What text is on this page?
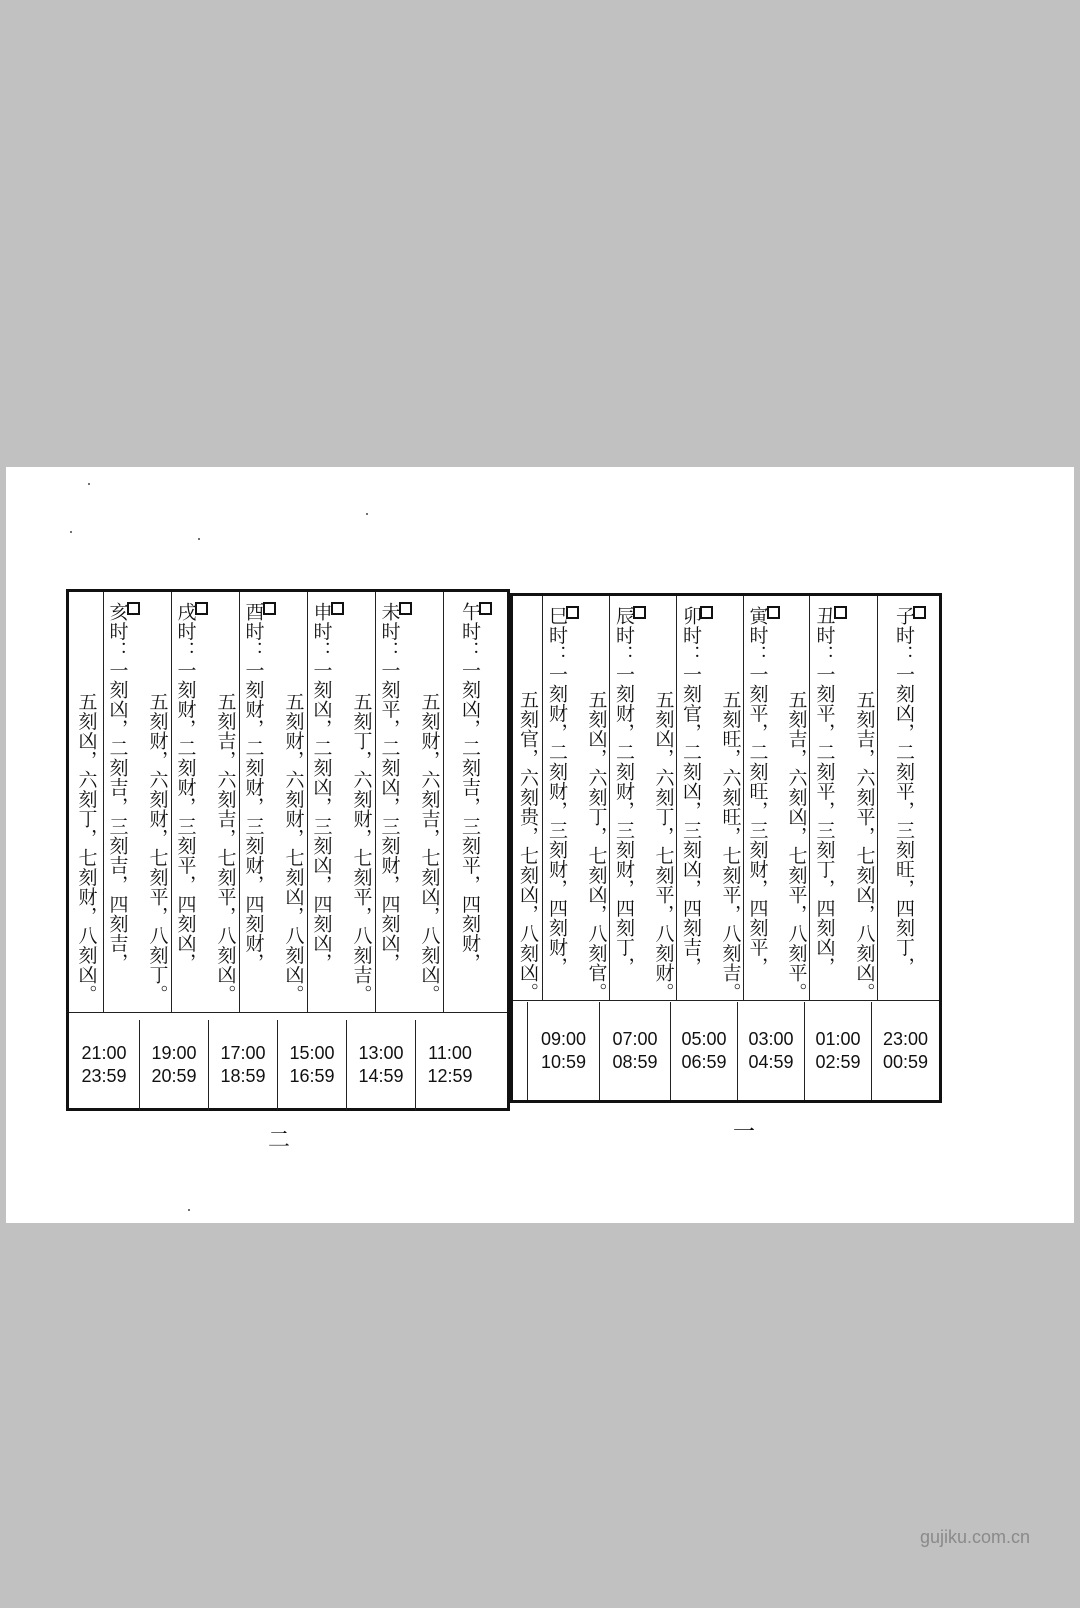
子时：一刻凶，二刻平，三刻旺，四刻丁，
五刻吉，六刻平，七刻凶，八刻凶。
丑时：一刻平，二刻平，三刻丁，四刻凶，
五刻吉，六刻凶，七刻平，八刻平。
寅时：一刻平，二刻旺，三刻财，四刻平，
五刻旺，六刻旺，七刻平，八刻吉。
卯时：一刻官，二刻凶，三刻凶，四刻吉，
五刻凶，六刻丁，七刻平，八刻财。
辰时：一刻财，二刻财，三刻财，四刻丁，
五刻凶，六刻丁，七刻凶，八刻官。
巳时：一刻财，二刻财，三刻财，四刻财，
五刻官，六刻贵，七刻凶，八刻凶。
23:00
00:59
01:00
02:59
03:00
04:59
05:00
06:59
07:00
08:59
09:00
10:59
一
午时：一刻凶，二刻吉，三刻平，四刻财，
五刻财，六刻吉，七刻凶，八刻凶。
未时：一刻平，二刻凶，三刻财，四刻凶，
五刻丁，六刻财，七刻平，八刻吉。
申时：一刻凶，二刻凶，三刻凶，四刻凶，
五刻财，六刻财，七刻凶，八刻凶。
酉时：一刻财，二刻财，三刻财，四刻财，
五刻吉，六刻吉，七刻平，八刻凶。
戌时：一刻财，二刻财，三刻平，四刻凶，
五刻财，六刻财，七刻平，八刻丁。
亥时：一刻凶，二刻吉，三刻吉，四刻吉，
五刻凶，六刻丁，七刻财，八刻凶。
11:00
12:59
13:00
14:59
15:00
16:59
17:00
18:59
19:00
20:59
21:00
23:59
二
gujiku.com.cn
